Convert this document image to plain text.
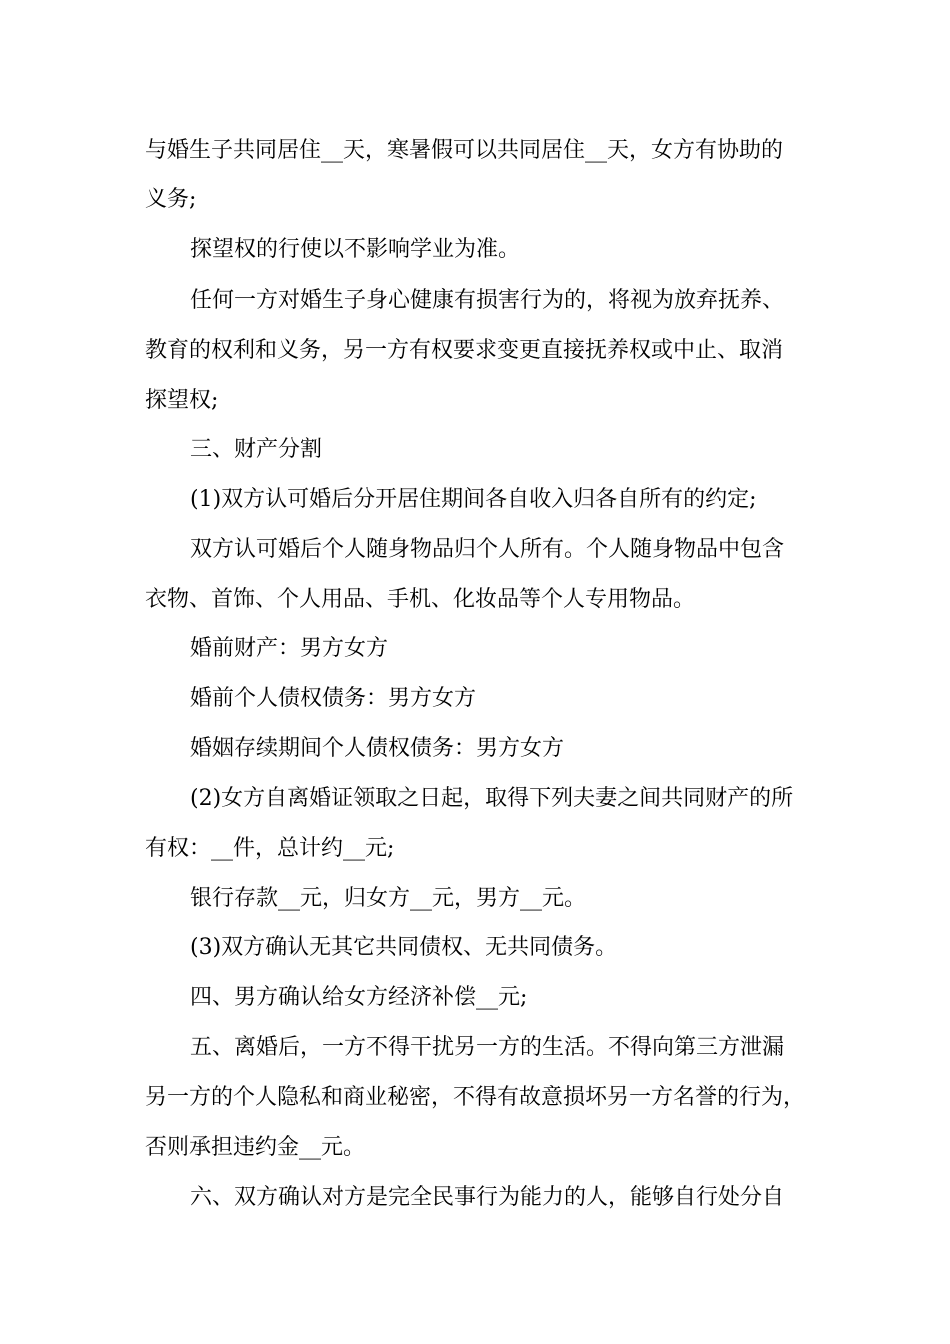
与婚生子共同居住__天，寒暑假可以共同居住__天，女方有协助的
义务;
探望权的行使以不影响学业为准。
任何一方对婚生子身心健康有损害行为的，将视为放弃抚养、
教育的权利和义务，另一方有权要求变更直接抚养权或中止、取消
探望权;
三、财产分割
(1)双方认可婚后分开居住期间各自收入归各自所有的约定;
双方认可婚后个人随身物品归个人所有。个人随身物品中包含
衣物、首饰、个人用品、手机、化妆品等个人专用物品。
婚前财产：男方女方
婚前个人债权债务：男方女方
婚姻存续期间个人债权债务：男方女方
(2)女方自离婚证领取之日起，取得下列夫妻之间共同财产的所
有权：__件，总计约__元;
银行存款__元，归女方__元，男方__元。
(3)双方确认无其它共同债权、无共同债务。
四、男方确认给女方经济补偿__元;
五、离婚后，一方不得干扰另一方的生活。不得向第三方泄漏
另一方的个人隐私和商业秘密，不得有故意损坏另一方名誉的行为，
否则承担违约金__元。
六、双方确认对方是完全民事行为能力的人，能够自行处分自
